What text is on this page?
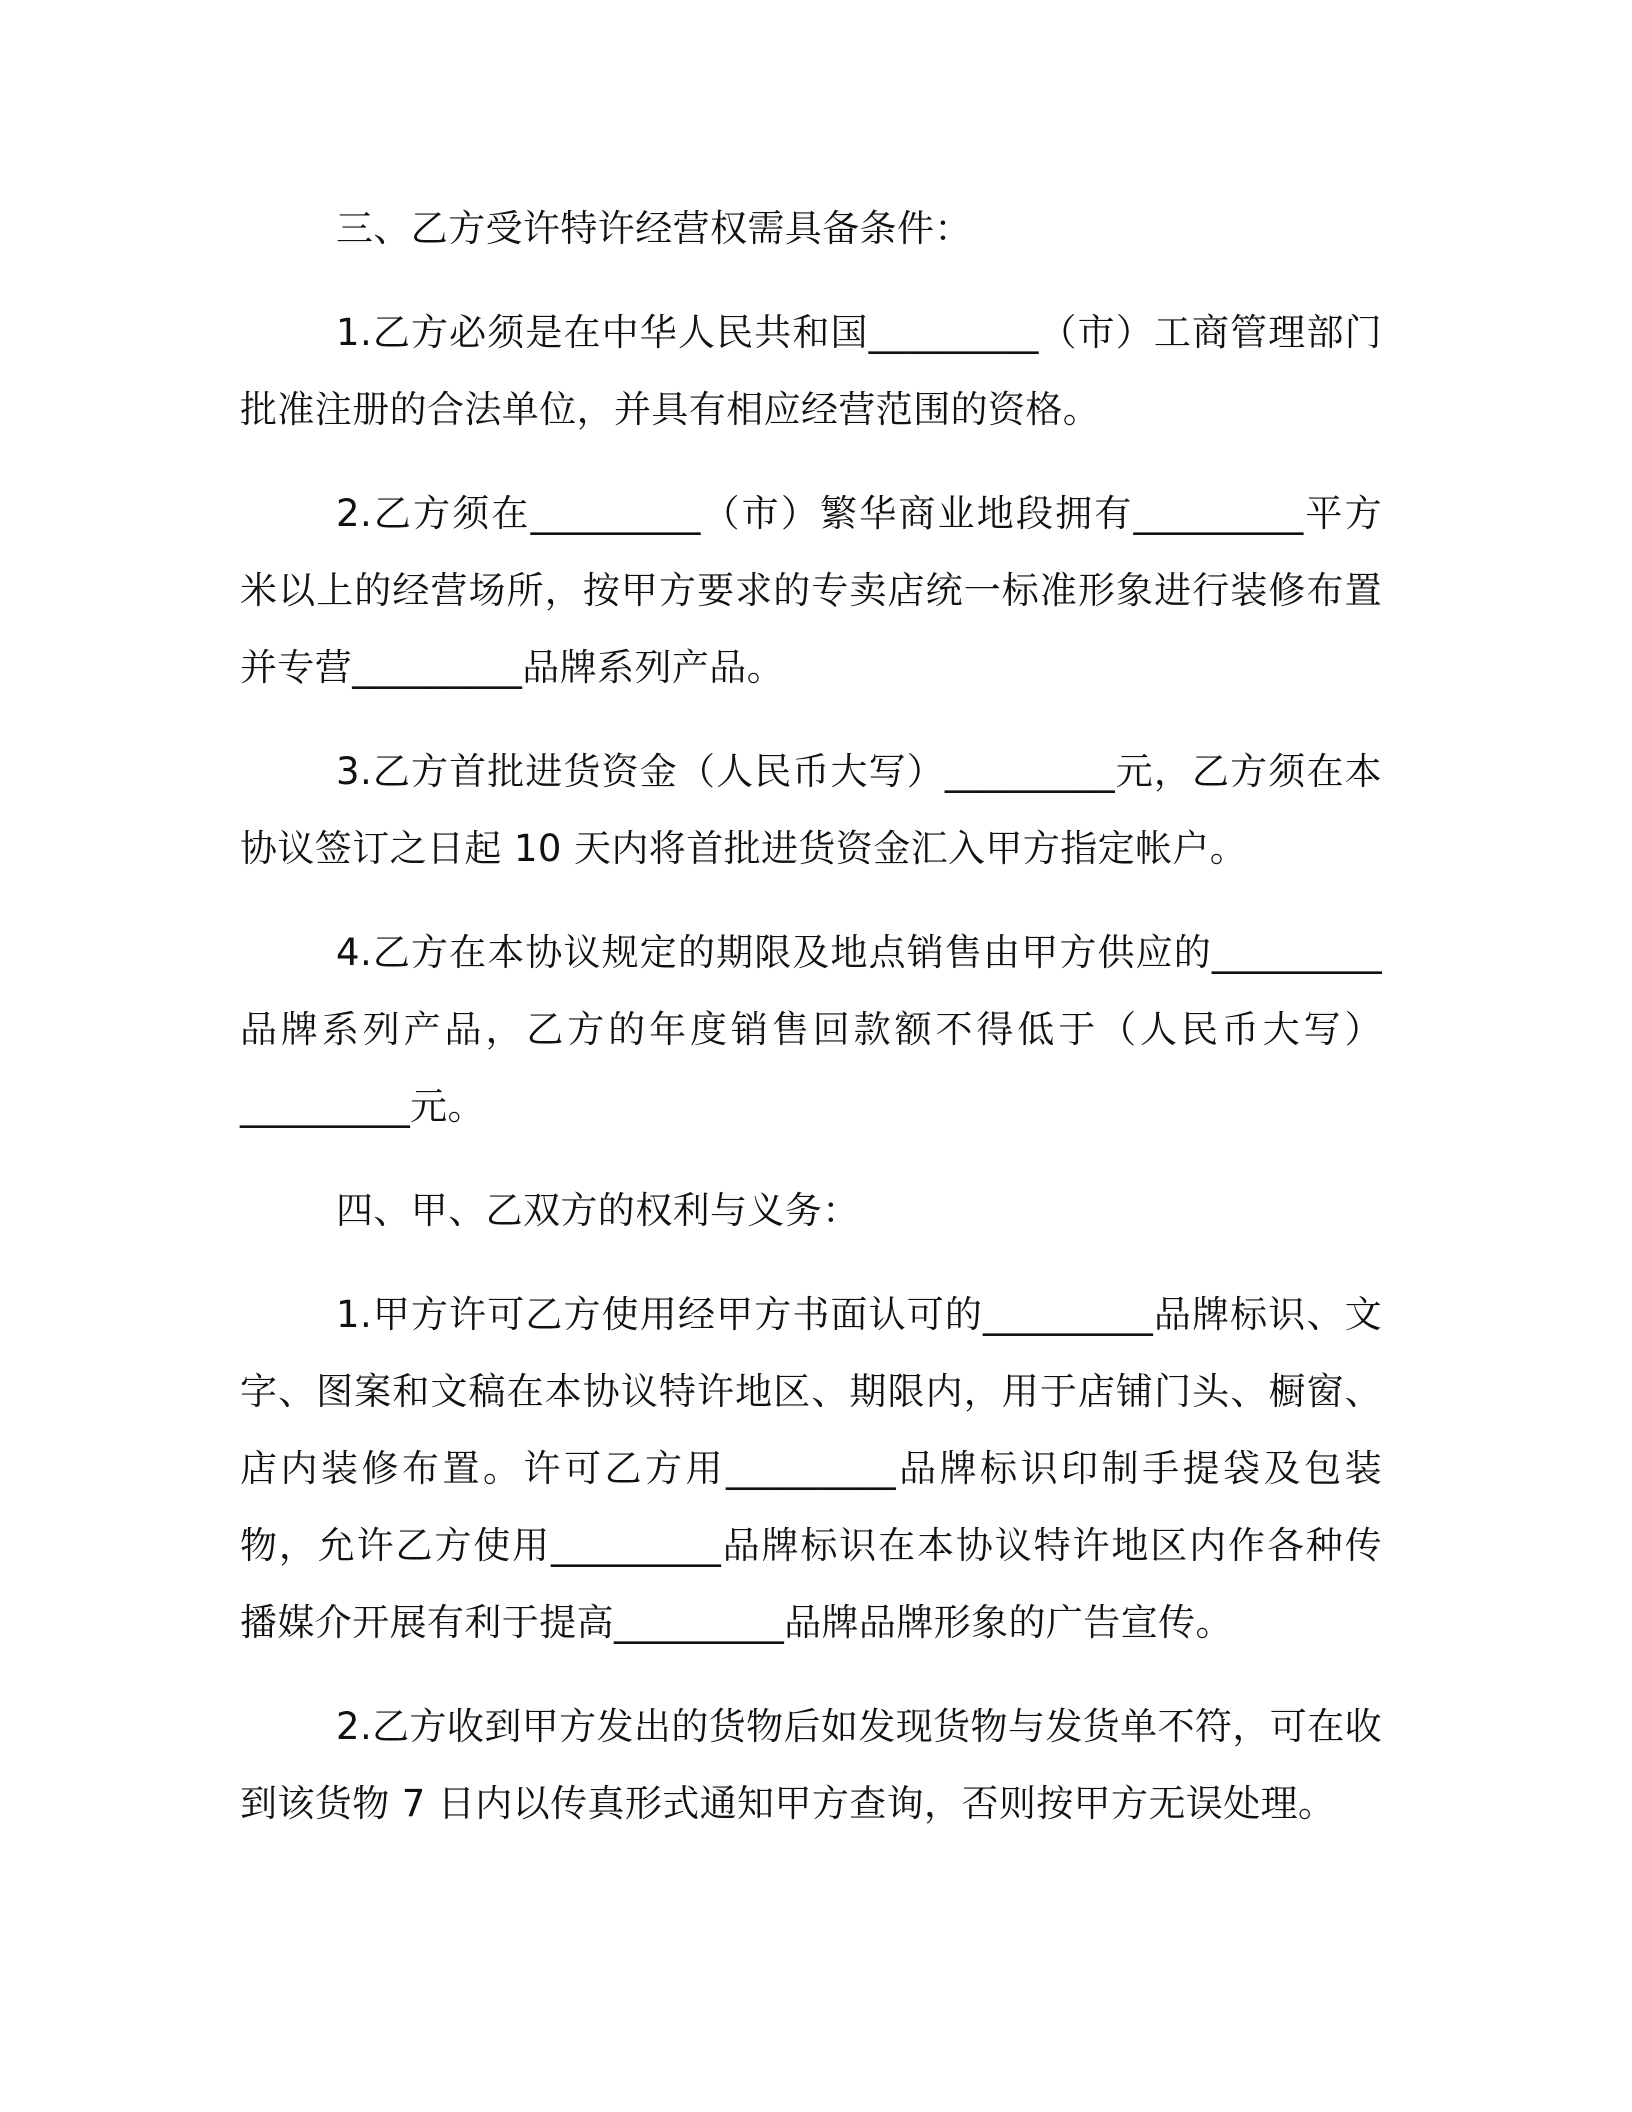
三、乙方受许特许经营权需具备条件：

1.乙方必须是在中华人民共和国_________（市）工商管理部门批准注册的合法单位，并具有相应经营范围的资格。

2.乙方须在_________（市）繁华商业地段拥有_________平方米以上的经营场所，按甲方要求的专卖店统一标准形象进行装修布置并专营_________品牌系列产品。

3.乙方首批进货资金（人民币大写）_________元，乙方须在本协议签订之日起 10 天内将首批进货资金汇入甲方指定帐户。

4.乙方在本协议规定的期限及地点销售由甲方供应的_________品牌系列产品，乙方的年度销售回款额不得低于（人民币大写）_________元。

四、甲、乙双方的权利与义务：

1.甲方许可乙方使用经甲方书面认可的_________品牌标识、文字、图案和文稿在本协议特许地区、期限内，用于店铺门头、橱窗、店内装修布置。许可乙方用_________品牌标识印制手提袋及包装物，允许乙方使用_________品牌标识在本协议特许地区内作各种传播媒介开展有利于提高_________品牌品牌形象的广告宣传。

2.乙方收到甲方发出的货物后如发现货物与发货单不符，可在收到该货物 7 日内以传真形式通知甲方查询，否则按甲方无误处理。
